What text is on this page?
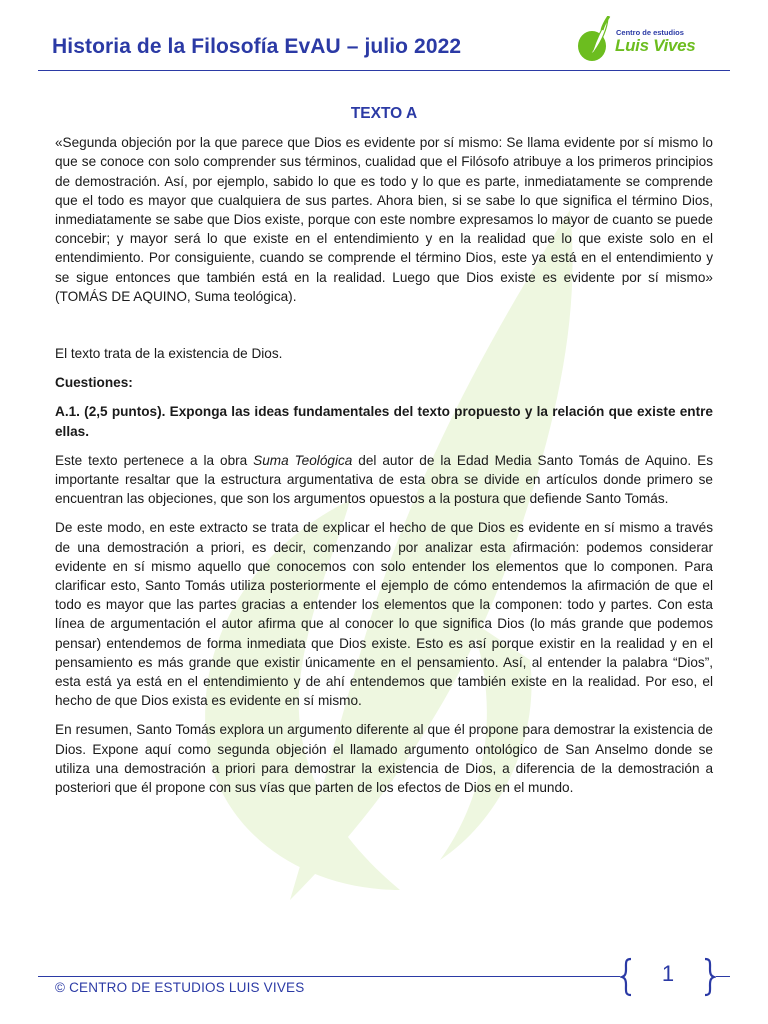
Historia de la Filosofía EvAU – julio 2022
Centro de estudios
Luis Vives
TEXTO A

«Segunda objeción por la que parece que Dios es evidente por sí mismo: Se llama evidente por sí mismo lo que se conoce con solo comprender sus términos, cualidad que el Filósofo atribuye a los primeros principios de demostración. Así, por ejemplo, sabido lo que es todo y lo que es parte, inmediatamente se comprende que el todo es mayor que cualquiera de sus partes. Ahora bien, si se sabe lo que significa el término Dios, inmediatamente se sabe que Dios existe, porque con este nombre expresamos lo mayor de cuanto se puede concebir; y mayor será lo que existe en el entendimiento y en la realidad que lo que existe solo en el entendimiento. Por consiguiente, cuando se comprende el término Dios, este ya está en el entendimiento y se sigue entonces que también está en la realidad. Luego que Dios existe es evidente por sí mismo» (TOMÁS DE AQUINO, Suma teológica).

El texto trata de la existencia de Dios.

Cuestiones:

A.1. (2,5 puntos). Exponga las ideas fundamentales del texto propuesto y la relación que existe entre ellas.

Este texto pertenece a la obra Suma Teológica del autor de la Edad Media Santo Tomás de Aquino. Es importante resaltar que la estructura argumentativa de esta obra se divide en artículos donde primero se encuentran las objeciones, que son los argumentos opuestos a la postura que defiende Santo Tomás.

De este modo, en este extracto se trata de explicar el hecho de que Dios es evidente en sí mismo a través de una demostración a priori, es decir, comenzando por analizar esta afirmación: podemos considerar evidente en sí mismo aquello que conocemos con solo entender los elementos que lo componen. Para clarificar esto, Santo Tomás utiliza posteriormente el ejemplo de cómo entendemos la afirmación de que el todo es mayor que las partes gracias a entender los elementos que la componen: todo y partes. Con esta línea de argumentación el autor afirma que al conocer lo que significa Dios (lo más grande que podemos pensar) entendemos de forma inmediata que Dios existe. Esto es así porque existir en la realidad y en el pensamiento es más grande que existir únicamente en el pensamiento. Así, al entender la palabra “Dios”, esta está ya está en el entendimiento y de ahí entendemos que también existe en la realidad. Por eso, el hecho de que Dios exista es evidente en sí mismo.

En resumen, Santo Tomás explora un argumento diferente al que él propone para demostrar la existencia de Dios. Expone aquí como segunda objeción el llamado argumento ontológico de San Anselmo donde se utiliza una demostración a priori para demostrar la existencia de Dios, a diferencia de la demostración a posteriori que él propone con sus vías que parten de los efectos de Dios en el mundo.

© CENTRO DE ESTUDIOS LUIS VIVES
1
